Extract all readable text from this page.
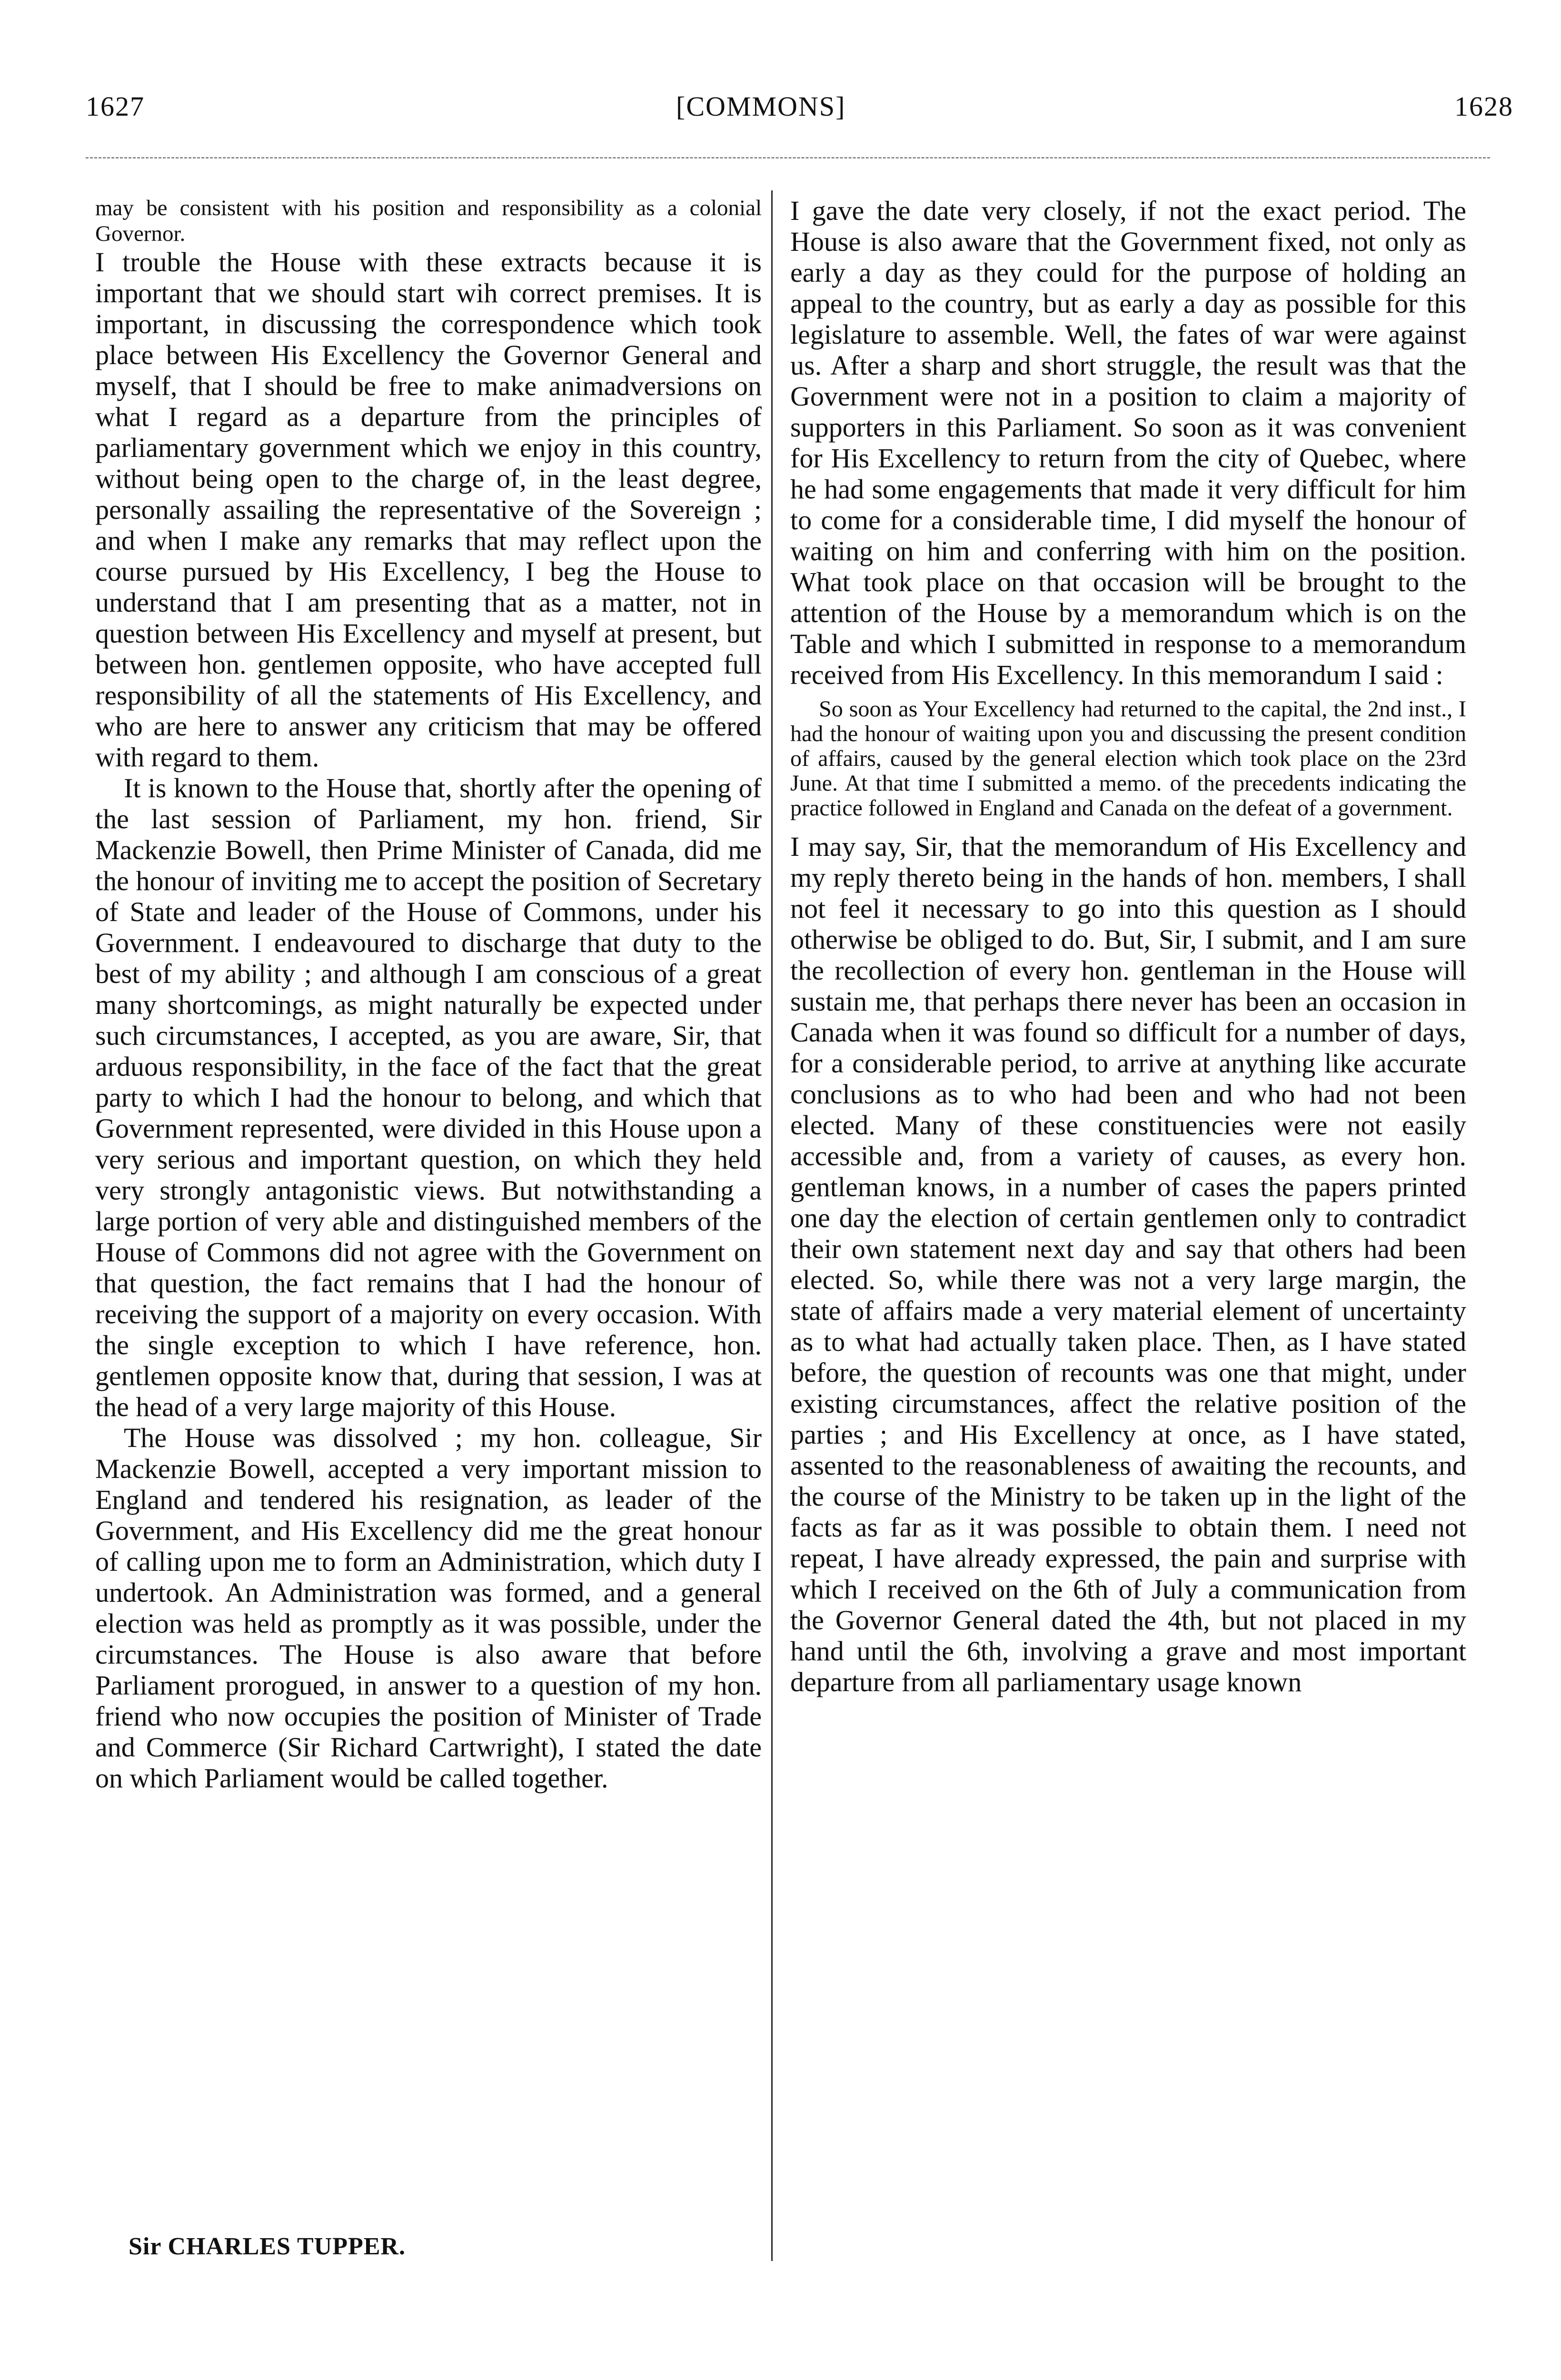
1627	[COMMONS]	1628

may be consistent with his position and responsibility as a colonial Governor.

I trouble the House with these extracts because it is important that we should start wih correct premises. It is important, in discussing the correspondence which took place between His Excellency the Governor General and myself, that I should be free to make animadversions on what I regard as a departure from the principles of parliamentary government which we enjoy in this country, without being open to the charge of, in the least degree, personally assailing the representative of the Sovereign ; and when I make any remarks that may reflect upon the course pursued by His Excellency, I beg the House to understand that I am presenting that as a matter, not in question between His Excellency and myself at present, but between hon. gentlemen opposite, who have accepted full responsibility of all the statements of His Excellency, and who are here to answer any criticism that may be offered with regard to them.

It is known to the House that, shortly after the opening of the last session of Parliament, my hon. friend, Sir Mackenzie Bowell, then Prime Minister of Canada, did me the honour of inviting me to accept the position of Secretary of State and leader of the House of Commons, under his Government. I endeavoured to discharge that duty to the best of my ability ; and although I am conscious of a great many shortcomings, as might naturally be expected under such circumstances, I accepted, as you are aware, Sir, that arduous responsibility, in the face of the fact that the great party to which I had the honour to belong, and which that Government represented, were divided in this House upon a very serious and important question, on which they held very strongly antagonistic views. But notwithstanding a large portion of very able and distinguished members of the House of Commons did not agree with the Government on that question, the fact remains that I had the honour of receiving the support of a majority on every occasion. With the single exception to which I have reference, hon. gentlemen opposite know that, during that session, I was at the head of a very large majority of this House.

The House was dissolved ; my hon. colleague, Sir Mackenzie Bowell, accepted a very important mission to England and tendered his resignation, as leader of the Government, and His Excellency did me the great honour of calling upon me to form an Administration, which duty I undertook. An Administration was formed, and a general election was held as promptly as it was possible, under the circumstances. The House is also aware that before Parliament prorogued, in answer to a question of my hon. friend who now occupies the position of Minister of Trade and Commerce (Sir Richard Cartwright), I stated the date on which Parliament would be called together.

I gave the date very closely, if not the exact period. The House is also aware that the Government fixed, not only as early a day as they could for the purpose of holding an appeal to the country, but as early a day as possible for this legislature to assemble. Well, the fates of war were against us. After a sharp and short struggle, the result was that the Government were not in a position to claim a majority of supporters in this Parliament. So soon as it was convenient for His Excellency to return from the city of Quebec, where he had some engagements that made it very difficult for him to come for a considerable time, I did myself the honour of waiting on him and conferring with him on the position. What took place on that occasion will be brought to the attention of the House by a memorandum which is on the Table and which I submitted in response to a memorandum received from His Excellency. In this memorandum I said :

So soon as Your Excellency had returned to the capital, the 2nd inst., I had the honour of waiting upon you and discussing the present condition of affairs, caused by the general election which took place on the 23rd June. At that time I submitted a memo. of the precedents indicating the practice followed in England and Canada on the defeat of a government.

I may say, Sir, that the memorandum of His Excellency and my reply thereto being in the hands of hon. members, I shall not feel it necessary to go into this question as I should otherwise be obliged to do. But, Sir, I submit, and I am sure the recollection of every hon. gentleman in the House will sustain me, that perhaps there never has been an occasion in Canada when it was found so difficult for a number of days, for a considerable period, to arrive at anything like accurate conclusions as to who had been and who had not been elected. Many of these constituencies were not easily accessible and, from a variety of causes, as every hon. gentleman knows, in a number of cases the papers printed one day the election of certain gentlemen only to contradict their own statement next day and say that others had been elected. So, while there was not a very large margin, the state of affairs made a very material element of uncertainty as to what had actually taken place. Then, as I have stated before, the question of recounts was one that might, under existing circumstances, affect the relative position of the parties ; and His Excellency at once, as I have stated, assented to the reasonableness of awaiting the recounts, and the course of the Ministry to be taken up in the light of the facts as far as it was possible to obtain them. I need not repeat, I have already expressed, the pain and surprise with which I received on the 6th of July a communication from the Governor General dated the 4th, but not placed in my hand until the 6th, involving a grave and most important departure from all parliamentary usage known

Sir CHARLES TUPPER.
